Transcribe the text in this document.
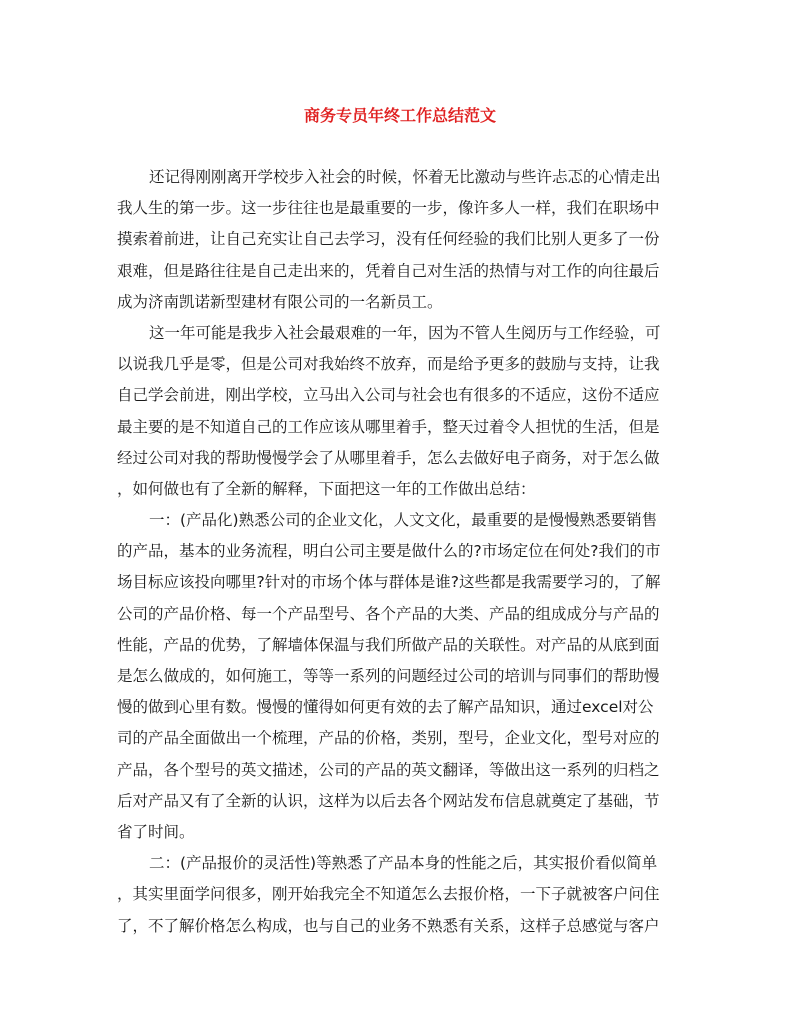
商务专员年终工作总结范文
还记得刚刚离开学校步入社会的时候，怀着无比激动与些许忐忑的心情走出
我人生的第一步。这一步往往也是最重要的一步，像许多人一样，我们在职场中
摸索着前进，让自己充实让自己去学习，没有任何经验的我们比别人更多了一份
艰难，但是路往往是自己走出来的，凭着自己对生活的热情与对工作的向往最后
成为济南凯诺新型建材有限公司的一名新员工。
这一年可能是我步入社会最艰难的一年，因为不管人生阅历与工作经验，可
以说我几乎是零，但是公司对我始终不放弃，而是给予更多的鼓励与支持，让我
自己学会前进，刚出学校，立马出入公司与社会也有很多的不适应，这份不适应
最主要的是不知道自己的工作应该从哪里着手，整天过着令人担忧的生活，但是
经过公司对我的帮助慢慢学会了从哪里着手，怎么去做好电子商务，对于怎么做
，如何做也有了全新的解释，下面把这一年的工作做出总结：
一：(产品化)熟悉公司的企业文化，人文文化，最重要的是慢慢熟悉要销售
的产品，基本的业务流程，明白公司主要是做什么的?市场定位在何处?我们的市
场目标应该投向哪里?针对的市场个体与群体是谁?这些都是我需要学习的，了解
公司的产品价格、每一个产品型号、各个产品的大类、产品的组成成分与产品的
性能，产品的优势，了解墙体保温与我们所做产品的关联性。对产品的从底到面
是怎么做成的，如何施工，等等一系列的问题经过公司的培训与同事们的帮助慢
慢的做到心里有数。慢慢的懂得如何更有效的去了解产品知识，通过excel对公
司的产品全面做出一个梳理，产品的价格，类别，型号，企业文化，型号对应的
产品，各个型号的英文描述，公司的产品的英文翻译，等做出这一系列的归档之
后对产品又有了全新的认识，这样为以后去各个网站发布信息就奠定了基础，节
省了时间。
二：(产品报价的灵活性)等熟悉了产品本身的性能之后，其实报价看似简单
，其实里面学问很多，刚开始我完全不知道怎么去报价格，一下子就被客户问住
了，不了解价格怎么构成，也与自己的业务不熟悉有关系，这样子总感觉与客户
